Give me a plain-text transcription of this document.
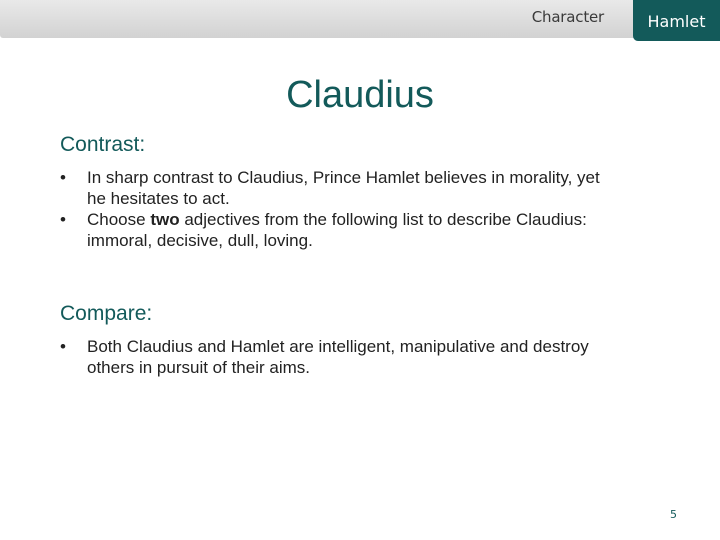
Character	Hamlet
Claudius
Contrast:
• In sharp contrast to Claudius, Prince Hamlet believes in morality, yet he hesitates to act.
• Choose two adjectives from the following list to describe Claudius: immoral, decisive, dull, loving.
Compare:
• Both Claudius and Hamlet are intelligent, manipulative and destroy others in pursuit of their aims.
5
